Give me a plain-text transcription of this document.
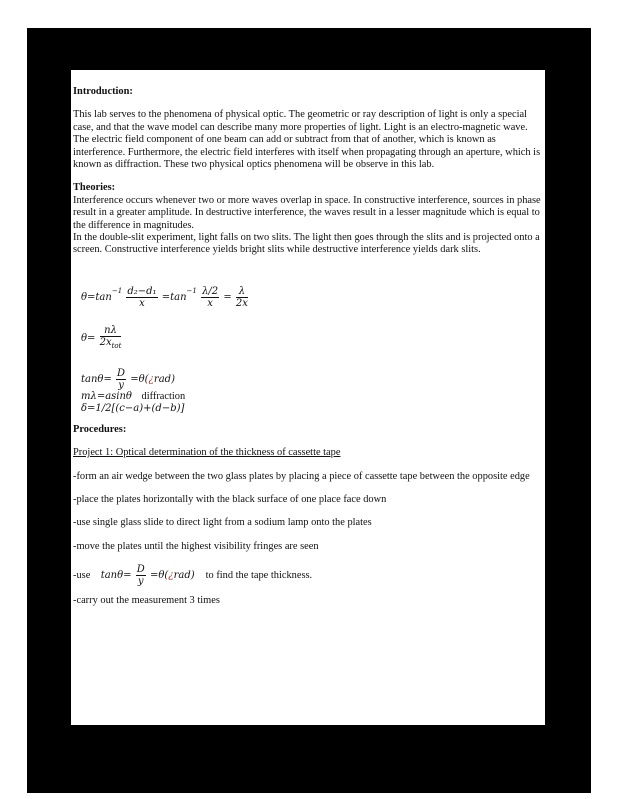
Introduction:

This lab serves to the phenomena of physical optic. The geometric or ray description of light is only a special case, and that the wave model can describe many more properties of light. Light is an electro-magnetic wave. The electric field component of one beam can add or subtract from that of another, which is known as interference. Furthermore, the electric field interferes with itself when propagating through an aperture, which is known as diffraction. These two physical optics phenomena will be observe in this lab.

Theories:

Interference occurs whenever two or more waves overlap in space. In constructive interference, sources in phase result in a greater amplitude. In destructive interference, the waves result in a lesser magnitude which is equal to the difference in magnitudes.

In the double-slit experiment, light falls on two slits. The light then goes through the slits and is projected onto a screen. Constructive interference yields bright slits while destructive interference yields dark slits.

$\theta=\tan^{-1} \frac{\text{d₂−d₁}}{x} =\tan^{-1} \frac{\lambda/2}{x} = \frac{\lambda}{2x}$
$\theta= \frac{n\lambda}{2x_{tot}}$
$\tan\theta= \frac{D}{y}$ =θ(¿rad)
mλ=asinθ diffraction
δ=1/2[(c−a)+(d−b)]

Procedures:

Project 1: Optical determination of the thickness of cassette tape

-form an air wedge between the two glass plates by placing a piece of cassette tape between the opposite edge

-place the plates horizontally with the black surface of one place face down

-use single glass slide to direct light from a sodium lamp onto the plates

-move the plates until the highest visibility fringes are seen

-use $\tan\theta= \frac{D}{y}$ =θ(¿rad) to find the tape thickness.

-carry out the measurement 3 times
